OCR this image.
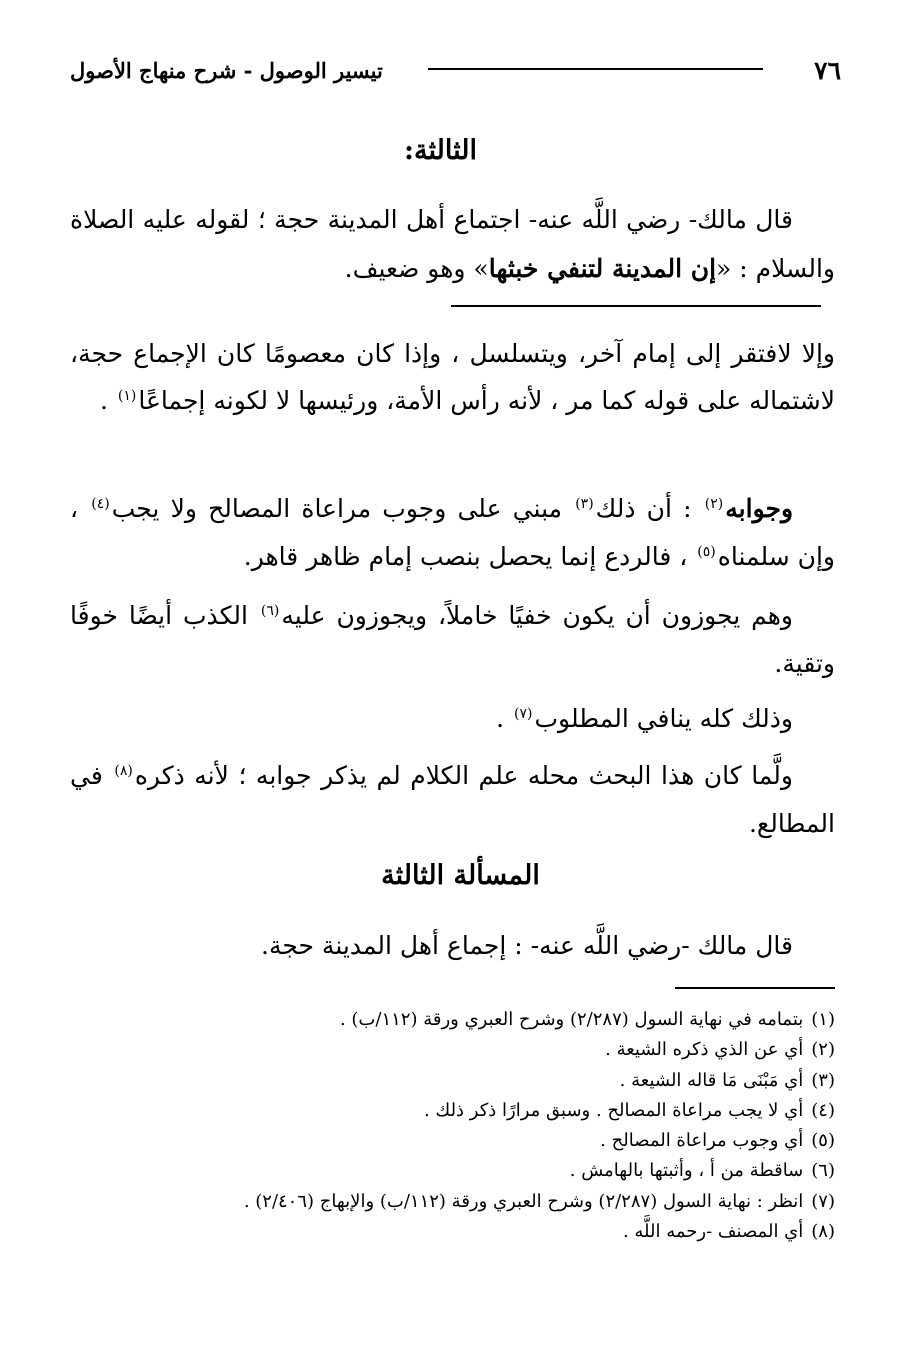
٧٦
تيسير الوصول - شرح منهاج الأصول
الثالثة:
قال مالك- رضي اللَّه عنه- اجتماع أهل المدينة حجة ؛ لقوله عليه الصلاة والسلام : «إن المدينة لتنفي خبثها» وهو ضعيف.
وإلا لافتقر إلى إمام آخر، ويتسلسل ، وإذا كان معصومًا كان الإجماع حجة، لاشتماله على قوله كما مر ، لأنه رأس الأمة، ورئيسها لا لكونه إجماعًا$^{(١)}$ .
وجوابه$^{(٢)}$ : أن ذلك$^{(٣)}$ مبني على وجوب مراعاة المصالح ولا يجب$^{(٤)}$ ، وإن سلمناه$^{(٥)}$ ، فالردع إنما يحصل بنصب إمام ظاهر قاهر.
وهم يجوزون أن يكون خفيًا خاملاً، ويجوزون عليه$^{(٦)}$ الكذب أيضًا خوفًا وتقية.
وذلك كله ينافي المطلوب$^{(٧)}$ .
ولَّما كان هذا البحث محله علم الكلام لم يذكر جوابه ؛ لأنه ذكره$^{(٨)}$ في المطالع.
المسألة الثالثة
قال مالك -رضي اللَّه عنه- : إجماع أهل المدينة حجة.
(١)بتمامه في نهاية السول (٢/٢٨٧) وشرح العبري ورقة (١١٢/ب) .
(٢)أي عن الذي ذكره الشيعة .
(٣)أي مَبْنَى مَا قاله الشيعة .
(٤)أي لا يجب مراعاة المصالح . وسبق مرارًا ذكر ذلك .
(٥)أي وجوب مراعاة المصالح .
(٦)ساقطة من أ ، وأثبتها بالهامش .
(٧)انظر : نهاية السول (٢/٢٨٧) وشرح العبري ورقة (١١٢/ب) والإبهاج (٢/٤٠٦) .
(٨)أي المصنف -رحمه اللَّه .
